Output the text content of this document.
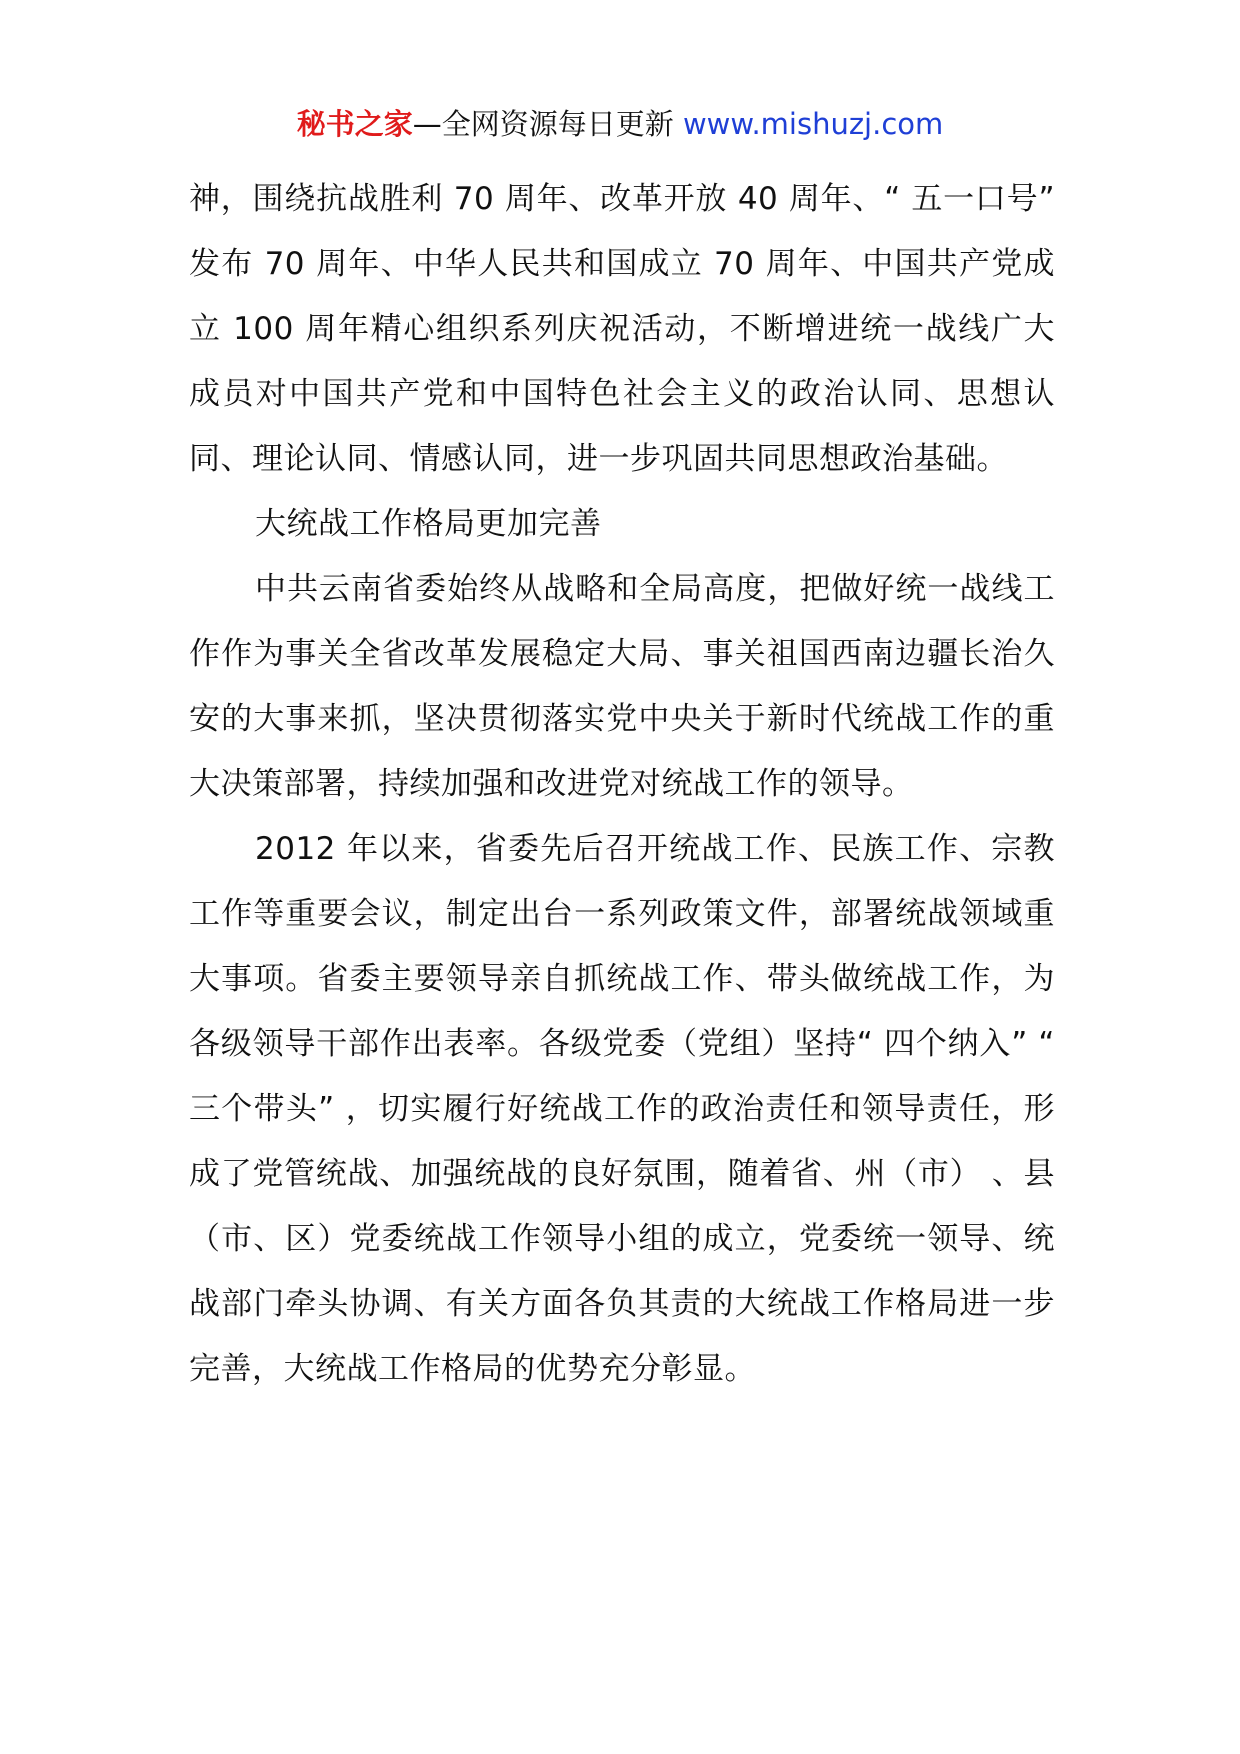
秘书之家—全网资源每日更新 www.mishuzj.com

神，围绕抗战胜利 70 周年、改革开放 40 周年、“ 五一口号” 发布 70 周年、中华人民共和国成立 70 周年、中国共产党成立 100 周年精心组织系列庆祝活动，不断增进统一战线广大成员对中国共产党和中国特色社会主义的政治认同、思想认同、理论认同、情感认同，进一步巩固共同思想政治基础。

大统战工作格局更加完善

中共云南省委始终从战略和全局高度，把做好统一战线工作作为事关全省改革发展稳定大局、事关祖国西南边疆长治久安的大事来抓，坚决贯彻落实党中央关于新时代统战工作的重大决策部署，持续加强和改进党对统战工作的领导。

2012 年以来，省委先后召开统战工作、民族工作、宗教工作等重要会议，制定出台一系列政策文件，部署统战领域重大事项。省委主要领导亲自抓统战工作、带头做统战工作，为各级领导干部作出表率。各级党委（党组）坚持“ 四个纳入” “ 三个带头” ，切实履行好统战工作的政治责任和领导责任，形成了党管统战、加强统战的良好氛围，随着省、州（市） 、县（市、区）党委统战工作领导小组的成立，党委统一领导、统战部门牵头协调、有关方面各负其责的大统战工作格局进一步完善，大统战工作格局的优势充分彰显。
